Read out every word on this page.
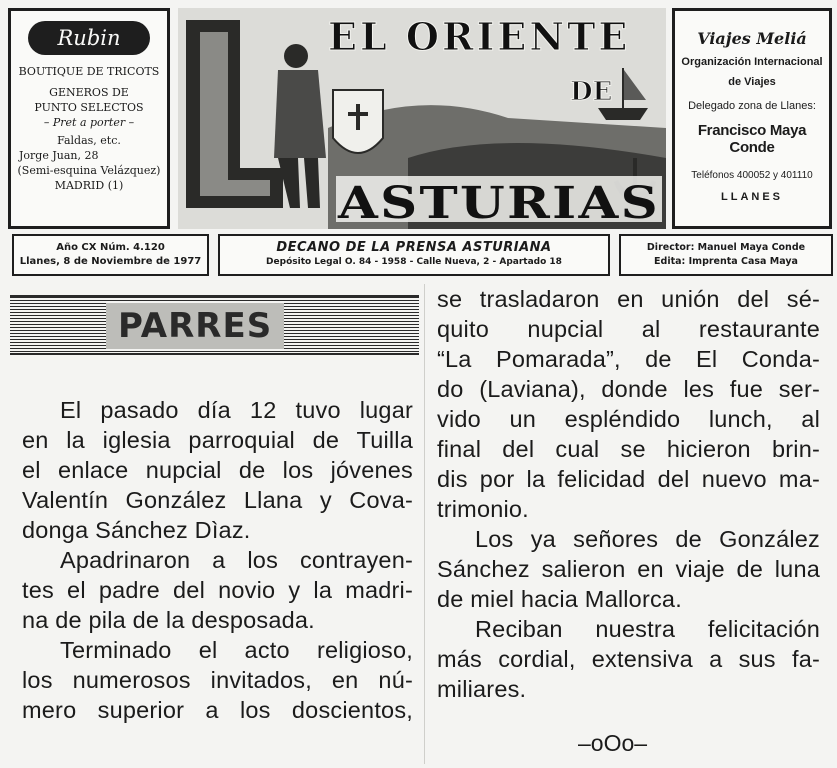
Rubin
BOUTIQUE DE TRICOTS
GENEROS DE
PUNTO SELECTOS
– Pret a porter –
Faldas, etc.
Jorge Juan, 28
(Semi-esquina Velázquez)
MADRID (1)
EL ORIENTE
DE
ASTURIAS
Viajes Meliá
Organización Internacional
de Viajes
Delegado zona de Llanes:
Francisco Maya Conde
Teléfonos 400052 y 401110
LLANES
Año CX Núm. 4.120
Llanes, 8 de Noviembre de 1977
DECANO DE LA PRENSA ASTURIANA
Depósito Legal O. 84 - 1958 - Calle Nueva, 2 - Apartado 18
Director: Manuel Maya Conde
Edita: Imprenta Casa Maya
PARRES
El pasado día 12 tuvo lugar
en la iglesia parroquial de Tuilla
el enlace nupcial de los jóvenes
Valentín González Llana y Cova-
donga Sánchez Dìaz.
Apadrinaron a los contrayen-
tes el padre del novio y la madri-
na de pila de la desposada.
Terminado el acto religioso,
los numerosos invitados, en nú-
mero superior a los doscientos,
se trasladaron en unión del sé-
quito nupcial al restaurante
“La Pomarada”, de El Conda-
do (Laviana), donde les fue ser-
vido un espléndido lunch, al
final del cual se hicieron brin-
dis por la felicidad del nuevo ma-
trimonio.
Los ya señores de González
Sánchez salieron en viaje de luna
de miel hacia Mallorca.
Reciban nuestra felicitación
más cordial, extensiva a sus fa-
miliares.
–oOo–
